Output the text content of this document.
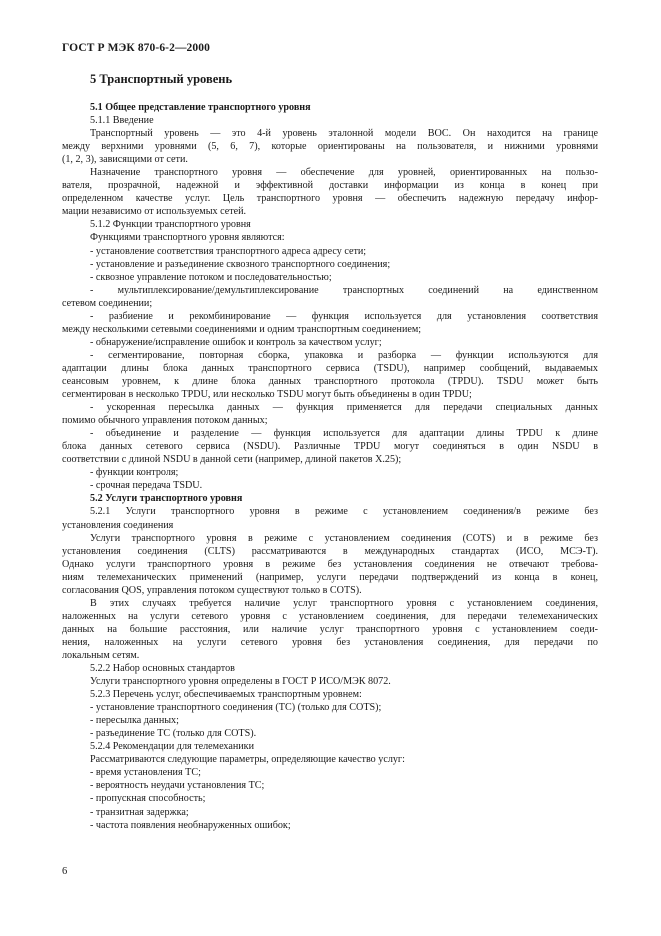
ГОСТ Р МЭК 870-6-2—2000
5 Транспортный уровень
5.1 Общее представление транспортного уровня
5.1.1 Введение
Транспортный уровень — это 4-й уровень эталонной модели ВОС. Он находится на границе
между верхними уровнями (5, 6, 7), которые ориентированы на пользователя, и нижними уровнями
(1, 2, 3), зависящими от сети.
Назначение транспортного уровня — обеспечение для уровней, ориентированных на пользо-
вателя, прозрачной, надежной и эффективной доставки информации из конца в конец при
определенном качестве услуг. Цель транспортного уровня — обеспечить надежную передачу инфор-
мации независимо от используемых сетей.
5.1.2 Функции транспортного уровня
Функциями транспортного уровня являются:
- установление соответствия транспортного адреса адресу сети;
- установление и разъединение сквозного транспортного соединения;
- сквозное управление потоком и последовательностью;
- мультиплексирование/демультиплексирование транспортных соединений на единственном
сетевом соединении;
- разбиение и рекомбинирование — функция используется для установления соответствия
между несколькими сетевыми соединениями и одним транспортным соединением;
- обнаружение/исправление ошибок и контроль за качеством услуг;
- сегментирование, повторная сборка, упаковка и разборка — функции используются для
адаптации длины блока данных транспортного сервиса (TSDU), например сообщений, выдаваемых
сеансовым уровнем, к длине блока данных транспортного протокола (TPDU). TSDU может быть
сегментирован в несколько TPDU, или несколько TSDU могут быть объединены в один TPDU;
- ускоренная пересылка данных — функция применяется для передачи специальных данных
помимо обычного управления потоком данных;
- объединение и разделение — функция используется для адаптации длины TPDU к длине
блока данных сетевого сервиса (NSDU). Различные TPDU могут соединяться в один NSDU в
соответствии с длиной NSDU в данной сети (например, длиной пакетов X.25);
- функции контроля;
- срочная передача TSDU.
5.2 Услуги транспортного уровня
5.2.1 Услуги транспортного уровня в режиме с установлением соединения/в режиме без
установления соединения
Услуги транспортного уровня в режиме с установлением соединения (COTS) и в режиме без
установления соединения (CLTS) рассматриваются в международных стандартах (ИСО, МСЭ-Т).
Однако услуги транспортного уровня в режиме без установления соединения не отвечают требова-
ниям телемеханических применений (например, услуги передачи подтверждений из конца в конец,
согласования QOS, управления потоком существуют только в COTS).
В этих случаях требуется наличие услуг транспортного уровня с установлением соединения,
наложенных на услуги сетевого уровня с установлением соединения, для передачи телемеханических
данных на большие расстояния, или наличие услуг транспортного уровня с установлением соеди-
нения, наложенных на услуги сетевого уровня без установления соединения, для передачи по
локальным сетям.
5.2.2 Набор основных стандартов
Услуги транспортного уровня определены в ГОСТ Р ИСО/МЭК 8072.
5.2.3 Перечень услуг, обеспечиваемых транспортным уровнем:
- установление транспортного соединения (TC) (только для COTS);
- пересылка данных;
- разъединение TC (только для COTS).
5.2.4 Рекомендации для телемеханики
Рассматриваются следующие параметры, определяющие качество услуг:
- время установления TC;
- вероятность неудачи установления TC;
- пропускная способность;
- транзитная задержка;
- частота появления необнаруженных ошибок;
6
